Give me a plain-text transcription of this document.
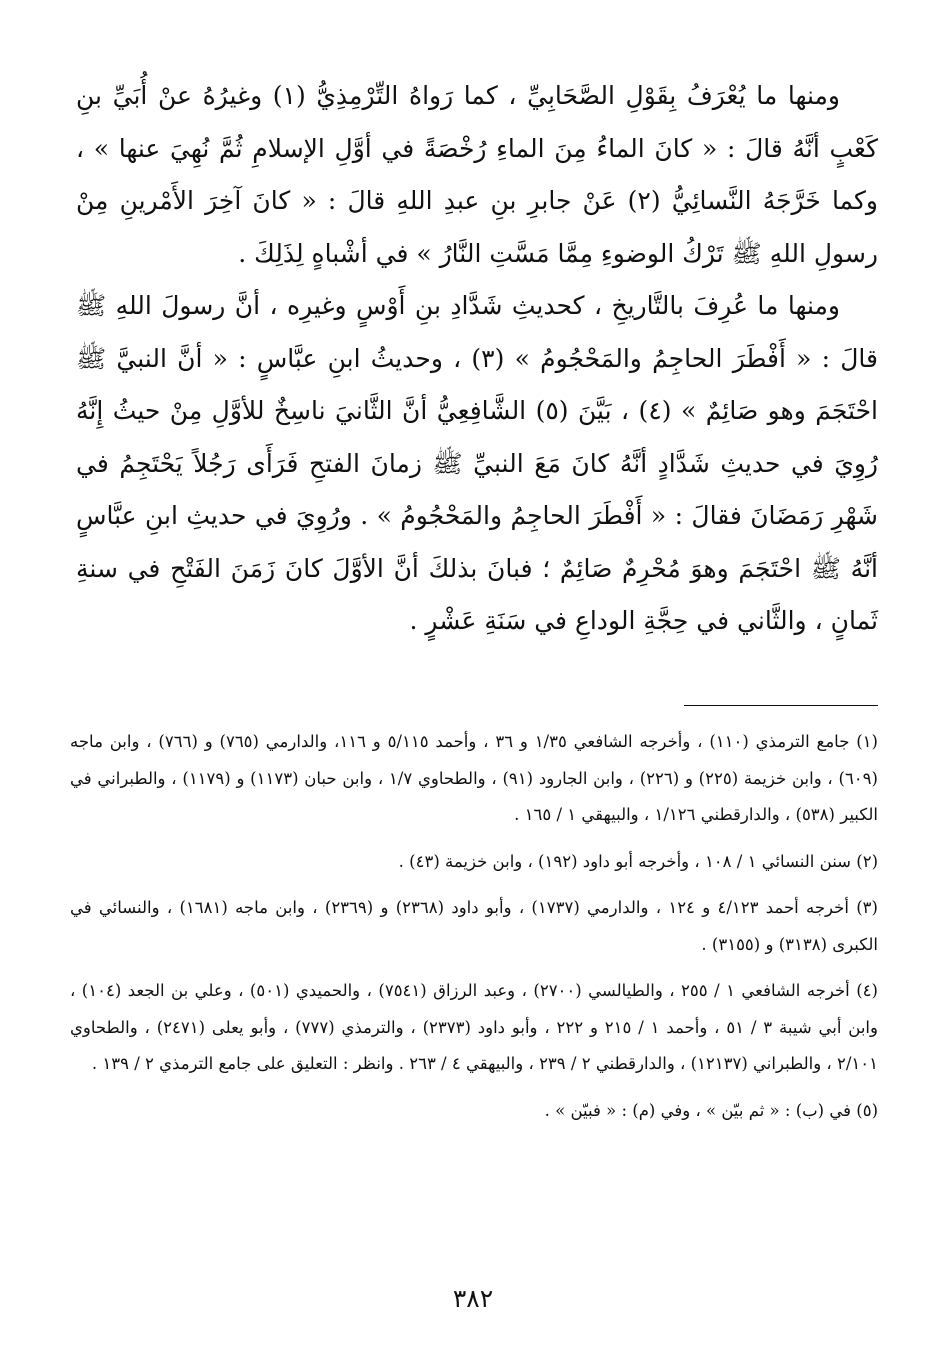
ومنها ما يُعْرَفُ بِقَوْلِ الصَّحَابِيِّ ، كما رَواهُ التِّرْمِذِيُّ (١) وغيرُهُ عنْ أُبَيِّ بنِ كَعْبٍ أنَّهُ قالَ : « كانَ الماءُ مِنَ الماءِ رُخْصَةً في أوَّلِ الإسلامِ ثُمَّ نُهِيَ عنها » ، وكما خَرَّجَهُ النَّسائِيُّ (٢) عَنْ جابرِ بنِ عبدِ اللهِ قالَ : « كانَ آخِرَ الأَمْرينِ مِنْ رسولِ اللهِ ﷺ تَرْكُ الوضوءِ مِمَّا مَسَّتِ النَّارُ » في أشْباهٍ لِذَلِكَ .

ومنها ما عُرِفَ بالتَّاريخِ ، كحديثِ شَدَّادِ بنِ أَوْسٍ وغيرِه ، أنَّ رسولَ اللهِ ﷺ قالَ : « أَفْطَرَ الحاجِمُ والمَحْجُومُ » (٣) ، وحديثُ ابنِ عبَّاسٍ : « أنَّ النبيَّ ﷺ احْتَجَمَ وهو صَائِمٌ » (٤) ، بَيَّنَ (٥) الشَّافِعِيُّ أنَّ الثَّانيَ ناسِخٌ للأوَّلِ مِنْ حيثُ إِنَّهُ رُوِيَ في حديثِ شَدَّادٍ أنَّهُ كانَ مَعَ النبيِّ ﷺ زمانَ الفتحِ فَرَأَى رَجُلاً يَحْتَجِمُ في شَهْرِ رَمَضَانَ فقالَ : « أَفْطَرَ الحاجِمُ والمَحْجُومُ » . ورُوِيَ في حديثِ ابنِ عبَّاسٍ أنَّهُ ﷺ احْتَجَمَ وهوَ مُحْرِمٌ صَائِمٌ ؛ فبانَ بذلكَ أنَّ الأوَّلَ كانَ زَمَنَ الفَتْحِ في سنةِ ثَمانٍ ، والثَّاني في حِجَّةِ الوداعِ في سَنَةِ عَشْرٍ .

(١) جامع الترمذي (١١٠) ، وأخرجه الشافعي ١/٣٥ و ٣٦ ، وأحمد ٥/١١٥ و ١١٦، والدارمي (٧٦٥) و (٧٦٦) ، وابن ماجه (٦٠٩) ، وابن خزيمة (٢٢٥) و (٢٢٦) ، وابن الجارود (٩١) ، والطحاوي ١/٧ ، وابن حبان (١١٧٣) و (١١٧٩) ، والطبراني في الكبير (٥٣٨) ، والدارقطني ١/١٢٦ ، والبيهقي ١ / ١٦٥ .

(٢) سنن النسائي ١ / ١٠٨ ، وأخرجه أبو داود (١٩٢) ، وابن خزيمة (٤٣) .

(٣) أخرجه أحمد ٤/١٢٣ و ١٢٤ ، والدارمي (١٧٣٧) ، وأبو داود (٢٣٦٨) و (٢٣٦٩) ، وابن ماجه (١٦٨١) ، والنسائي في الكبرى (٣١٣٨) و (٣١٥٥) .

(٤) أخرجه الشافعي ١ / ٢٥٥ ، والطيالسي (٢٧٠٠) ، وعبد الرزاق (٧٥٤١) ، والحميدي (٥٠١) ، وعلي بن الجعد (١٠٤) ، وابن أبي شيبة ٣ / ٥١ ، وأحمد ١ / ٢١٥ و ٢٢٢ ، وأبو داود (٢٣٧٣) ، والترمذي (٧٧٧) ، وأبو يعلى (٢٤٧١) ، والطحاوي ٢/١٠١ ، والطبراني (١٢١٣٧) ، والدارقطني ٢ / ٢٣٩ ، والبيهقي ٤ / ٢٦٣ . وانظر : التعليق على جامع الترمذي ٢ / ١٣٩ .

(٥) في (ب) : « ثم بيّن » ، وفي (م) : « فبيّن » .

٣٨٢
